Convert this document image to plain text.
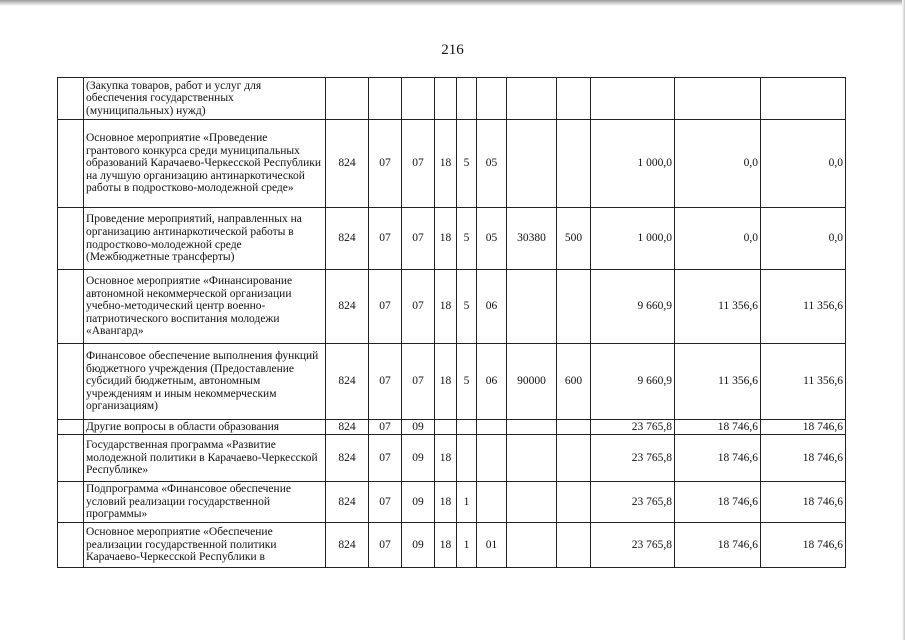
216
	(Закупка товаров, работ и услуг для обеспечения государственных (муниципальных) нужд)											
	Основное мероприятие «Проведение грантового конкурса среди муниципальных образований Карачаево-Черкесской Республики на лучшую организацию антинаркотической работы в подростково-молодежной среде»	824	07	07	18	5	05			1 000,0	0,0	0,0
	Проведение мероприятий, направленных на организацию антинаркотической работы в подростково-молодежной среде (Межбюджетные трансферты)	824	07	07	18	5	05	30380	500	1 000,0	0,0	0,0
	Основное мероприятие «Финансирование автономной некоммерческой организации учебно-методический центр военно-патриотического воспитания молодежи «Авангард»	824	07	07	18	5	06			9 660,9	11 356,6	11 356,6
	Финансовое обеспечение выполнения функций бюджетного учреждения (Предоставление субсидий бюджетным, автономным учреждениям и иным некоммерческим организациям)	824	07	07	18	5	06	90000	600	9 660,9	11 356,6	11 356,6
	Другие вопросы в области образования	824	07	09						23 765,8	18 746,6	18 746,6
	Государственная программа «Развитие молодежной политики в Карачаево-Черкесской Республике»	824	07	09	18					23 765,8	18 746,6	18 746,6
	Подпрограмма «Финансовое обеспечение условий реализации государственной программы»	824	07	09	18	1				23 765,8	18 746,6	18 746,6
	Основное мероприятие «Обеспечение реализации государственной политики Карачаево-Черкесской Республики в	824	07	09	18	1	01			23 765,8	18 746,6	18 746,6
